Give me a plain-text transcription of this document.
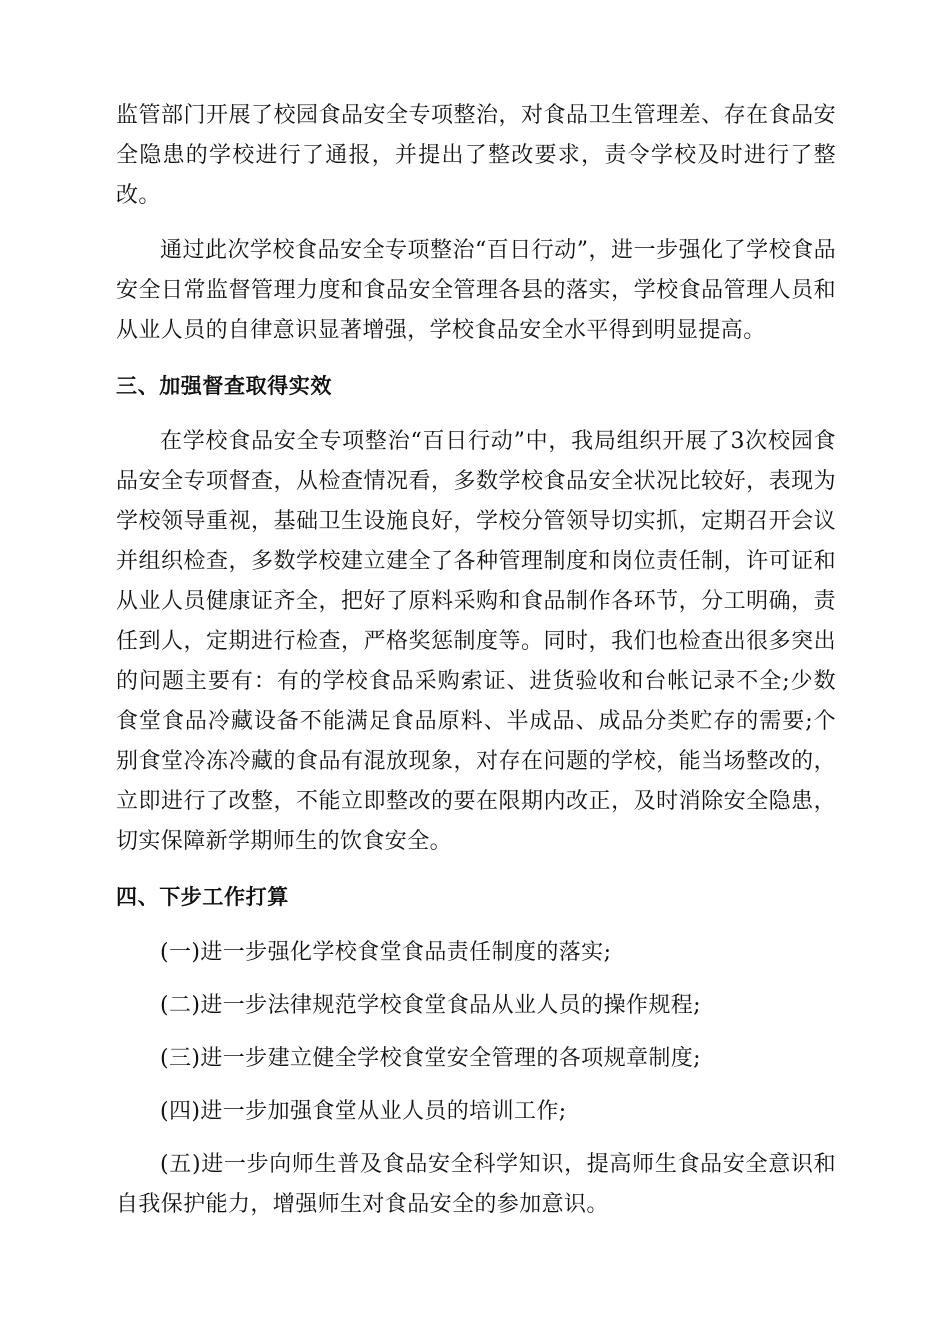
监管部门开展了校园食品安全专项整治，对食品卫生管理差、存在食品安全隐患的学校进行了通报，并提出了整改要求，责令学校及时进行了整改。

通过此次学校食品安全专项整治“百日行动”，进一步强化了学校食品安全日常监督管理力度和食品安全管理各县的落实，学校食品管理人员和从业人员的自律意识显著增强，学校食品安全水平得到明显提高。

三、加强督查取得实效

在学校食品安全专项整治“百日行动”中，我局组织开展了3次校园食品安全专项督查，从检查情况看，多数学校食品安全状况比较好，表现为学校领导重视，基础卫生设施良好，学校分管领导切实抓，定期召开会议并组织检查，多数学校建立建全了各种管理制度和岗位责任制，许可证和从业人员健康证齐全，把好了原料采购和食品制作各环节，分工明确，责任到人，定期进行检查，严格奖惩制度等。同时，我们也检查出很多突出的问题主要有：有的学校食品采购索证、进货验收和台帐记录不全;少数食堂食品冷藏设备不能满足食品原料、半成品、成品分类贮存的需要;个别食堂冷冻冷藏的食品有混放现象，对存在问题的学校，能当场整改的，立即进行了改整，不能立即整改的要在限期内改正，及时消除安全隐患，切实保障新学期师生的饮食安全。

四、下步工作打算

(一)进一步强化学校食堂食品责任制度的落实;

(二)进一步法律规范学校食堂食品从业人员的操作规程;

(三)进一步建立健全学校食堂安全管理的各项规章制度;

(四)进一步加强食堂从业人员的培训工作;

(五)进一步向师生普及食品安全科学知识，提高师生食品安全意识和自我保护能力，增强师生对食品安全的参加意识。
